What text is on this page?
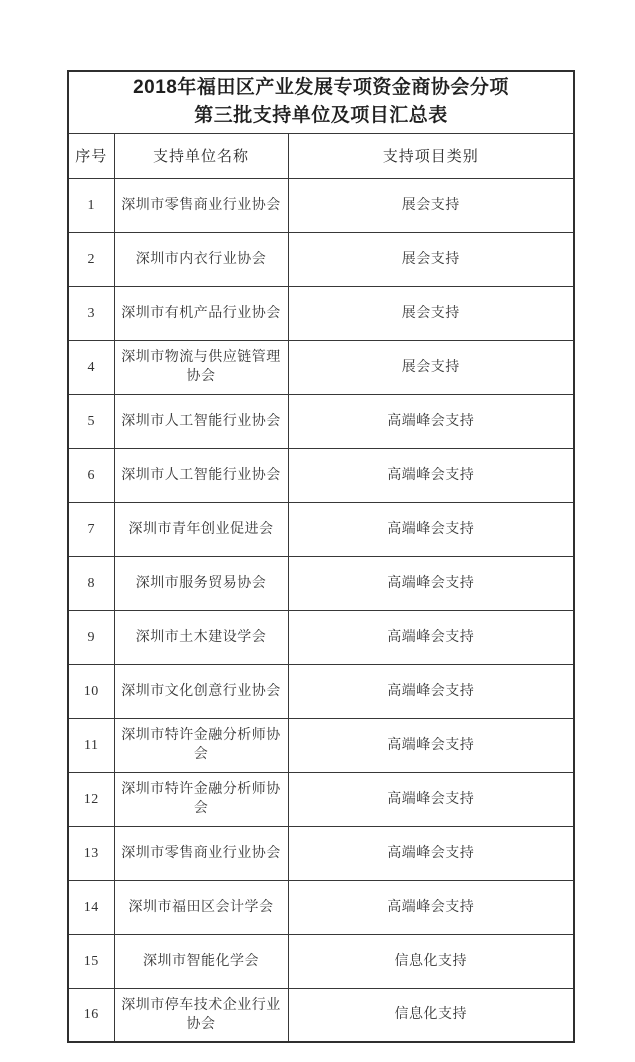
2018年福田区产业发展专项资金商协会分项
第三批支持单位及项目汇总表		

序号	支持单位名称	支持项目类别
1	深圳市零售商业行业协会	展会支持
2	深圳市内衣行业协会	展会支持
3	深圳市有机产品行业协会	展会支持
4	深圳市物流与供应链管理协会	展会支持
5	深圳市人工智能行业协会	高端峰会支持
6	深圳市人工智能行业协会	高端峰会支持
7	深圳市青年创业促进会	高端峰会支持
8	深圳市服务贸易协会	高端峰会支持
9	深圳市土木建设学会	高端峰会支持
10	深圳市文化创意行业协会	高端峰会支持
11	深圳市特许金融分析师协会	高端峰会支持
12	深圳市特许金融分析师协会	高端峰会支持
13	深圳市零售商业行业协会	高端峰会支持
14	深圳市福田区会计学会	高端峰会支持
15	深圳市智能化学会	信息化支持
16	深圳市停车技术企业行业协会	信息化支持
